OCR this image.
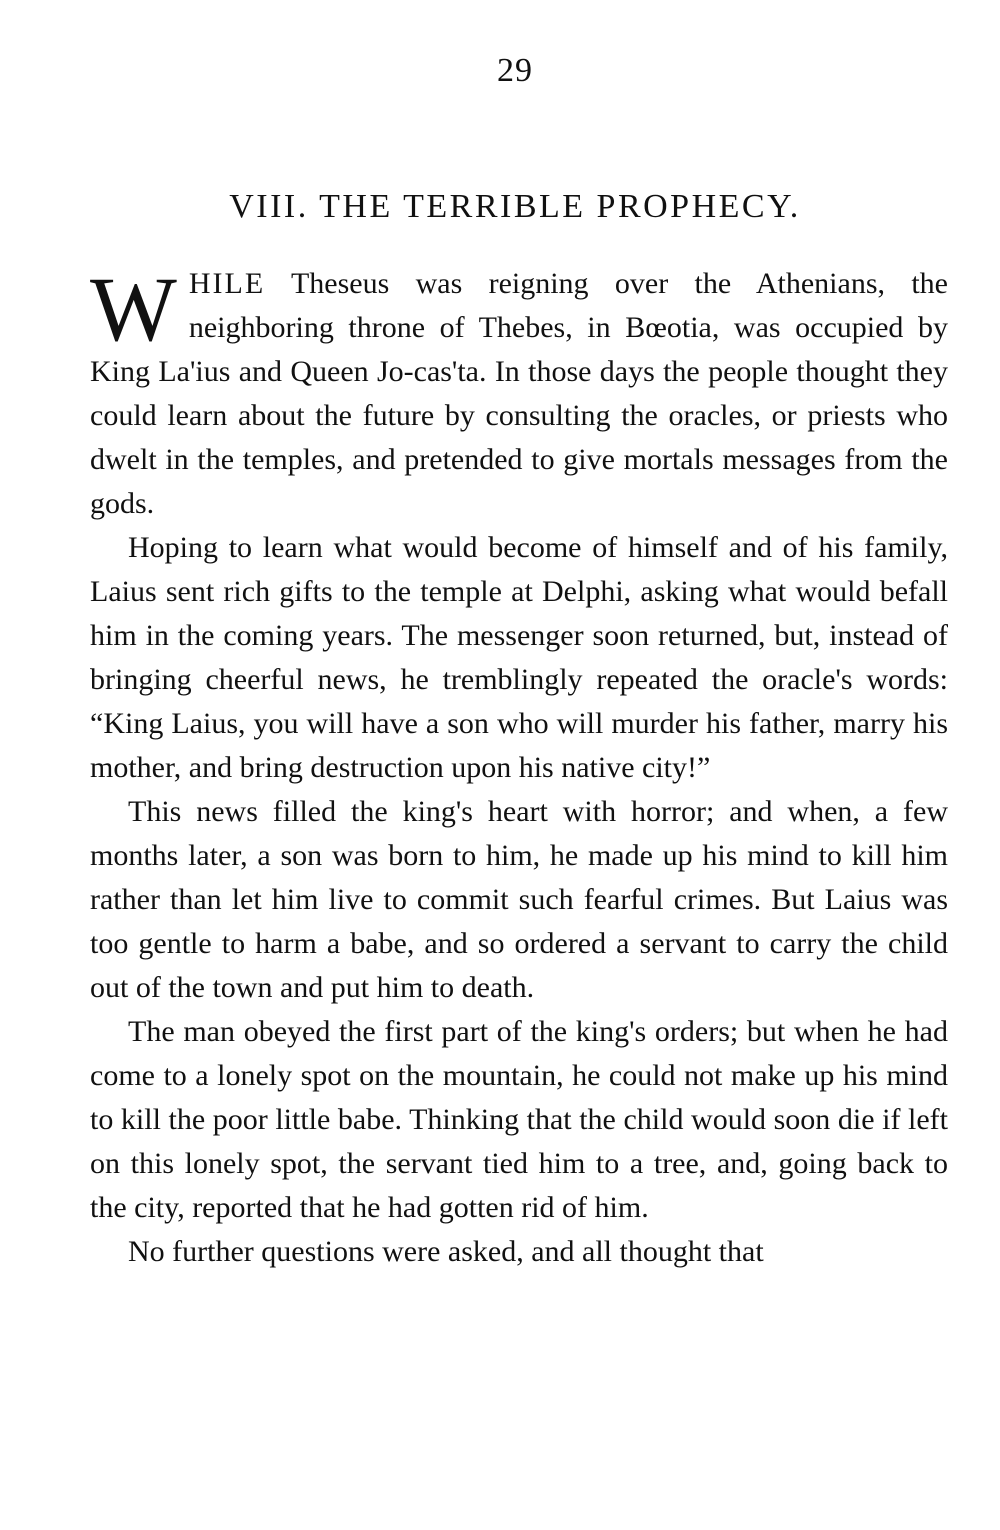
29
VIII. THE TERRIBLE PROPHECY.

WHILE Theseus was reigning over the Athenians, the neighboring throne of Thebes, in Bœotia, was occupied by King La'ius and Queen Jo-cas'ta. In those days the people thought they could learn about the future by consulting the oracles, or priests who dwelt in the temples, and pretended to give mortals messages from the gods.

Hoping to learn what would become of himself and of his family, Laius sent rich gifts to the temple at Delphi, asking what would befall him in the coming years. The messenger soon returned, but, instead of bringing cheerful news, he tremblingly repeated the oracle's words: “King Laius, you will have a son who will murder his father, marry his mother, and bring destruction upon his native city!”

This news filled the king's heart with horror; and when, a few months later, a son was born to him, he made up his mind to kill him rather than let him live to commit such fearful crimes. But Laius was too gentle to harm a babe, and so ordered a servant to carry the child out of the town and put him to death.

The man obeyed the first part of the king's orders; but when he had come to a lonely spot on the mountain, he could not make up his mind to kill the poor little babe. Thinking that the child would soon die if left on this lonely spot, the servant tied him to a tree, and, going back to the city, reported that he had gotten rid of him.

No further questions were asked, and all thought that
